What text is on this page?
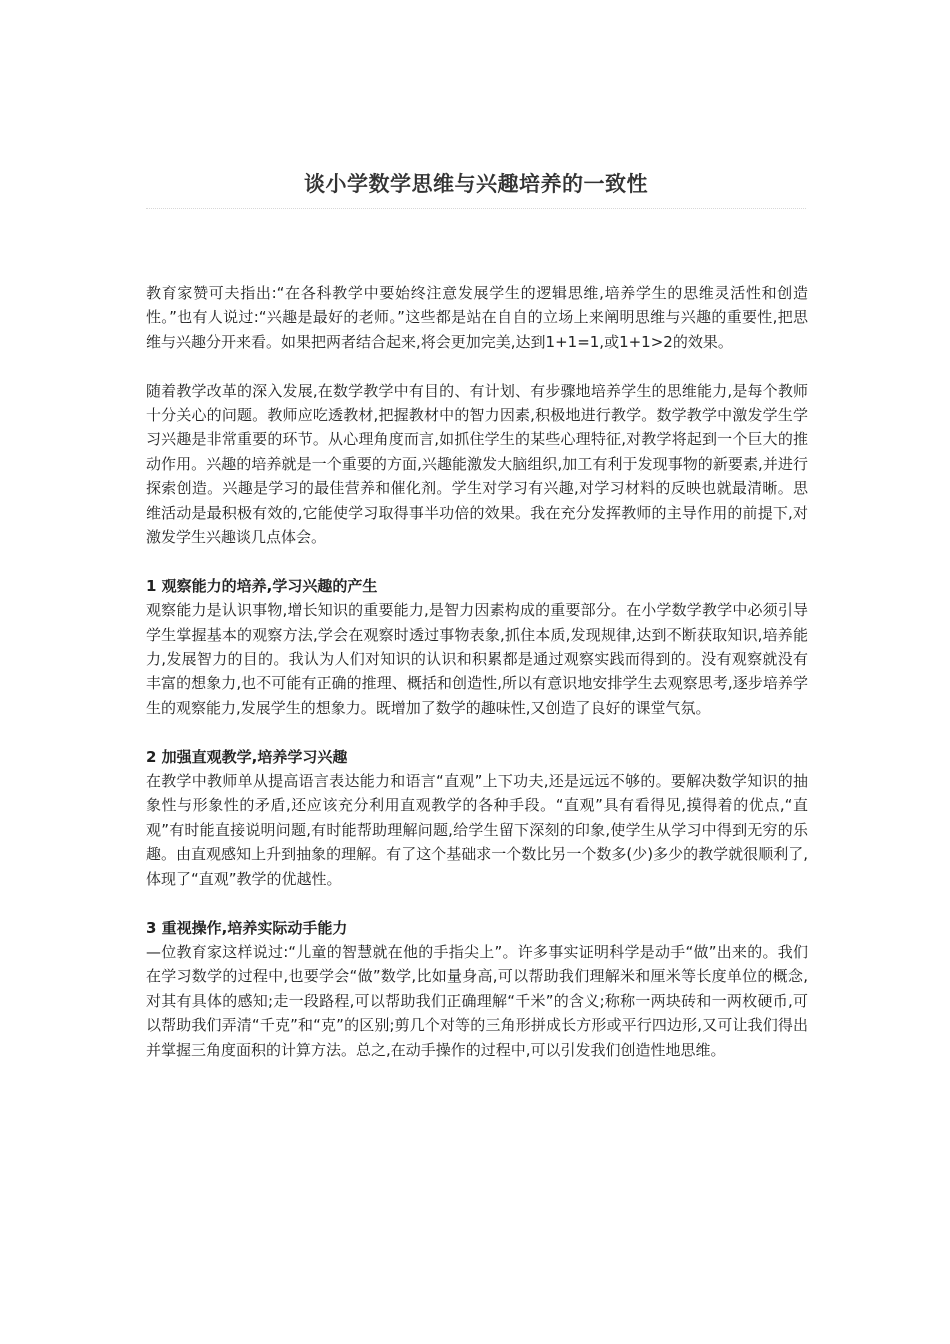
谈小学数学思维与兴趣培养的一致性

教育家赞可夫指出:“在各科教学中要始终注意发展学生的逻辑思维,培养学生的思维灵活性和创造性。”也有人说过:“兴趣是最好的老师。”这些都是站在自自的立场上来阐明思维与兴趣的重要性,把思维与兴趣分开来看。如果把两者结合起来,将会更加完美,达到1+1=1,或1+1>2的效果。

随着教学改革的深入发展,在数学教学中有目的、有计划、有步骤地培养学生的思维能力,是每个教师十分关心的问题。教师应吃透教材,把握教材中的智力因素,积极地进行教学。数学教学中激发学生学习兴趣是非常重要的环节。从心理角度而言,如抓住学生的某些心理特征,对教学将起到一个巨大的推动作用。兴趣的培养就是一个重要的方面,兴趣能激发大脑组织,加工有利于发现事物的新要素,并进行探索创造。兴趣是学习的最佳营养和催化剂。学生对学习有兴趣,对学习材料的反映也就最清晰。思维活动是最积极有效的,它能使学习取得事半功倍的效果。我在充分发挥教师的主导作用的前提下,对激发学生兴趣谈几点体会。

1 观察能力的培养,学习兴趣的产生

观察能力是认识事物,增长知识的重要能力,是智力因素构成的重要部分。在小学数学教学中必须引导学生掌握基本的观察方法,学会在观察时透过事物表象,抓住本质,发现规律,达到不断获取知识,培养能力,发展智力的目的。我认为人们对知识的认识和积累都是通过观察实践而得到的。没有观察就没有丰富的想象力,也不可能有正确的推理、概括和创造性,所以有意识地安排学生去观察思考,逐步培养学生的观察能力,发展学生的想象力。既增加了数学的趣味性,又创造了良好的课堂气氛。

2 加强直观教学,培养学习兴趣

在教学中教师单从提高语言表达能力和语言“直观”上下功夫,还是远远不够的。要解决数学知识的抽象性与形象性的矛盾,还应该充分利用直观教学的各种手段。“直观”具有看得见,摸得着的优点,“直观”有时能直接说明问题,有时能帮助理解问题,给学生留下深刻的印象,使学生从学习中得到无穷的乐趣。由直观感知上升到抽象的理解。有了这个基础求一个数比另一个数多(少)多少的教学就很顺利了,体现了“直观”教学的优越性。

3 重视操作,培养实际动手能力

—位教育家这样说过:“儿童的智慧就在他的手指尖上”。许多事实证明科学是动手“做”出来的。我们在学习数学的过程中,也要学会“做”数学,比如量身高,可以帮助我们理解米和厘米等长度单位的概念,对其有具体的感知;走一段路程,可以帮助我们正确理解“千米”的含义;称称一两块砖和一两枚硬币,可以帮助我们弄清“千克”和“克”的区别;剪几个对等的三角形拼成长方形或平行四边形,又可让我们得出并掌握三角度面积的计算方法。总之,在动手操作的过程中,可以引发我们创造性地思维。
